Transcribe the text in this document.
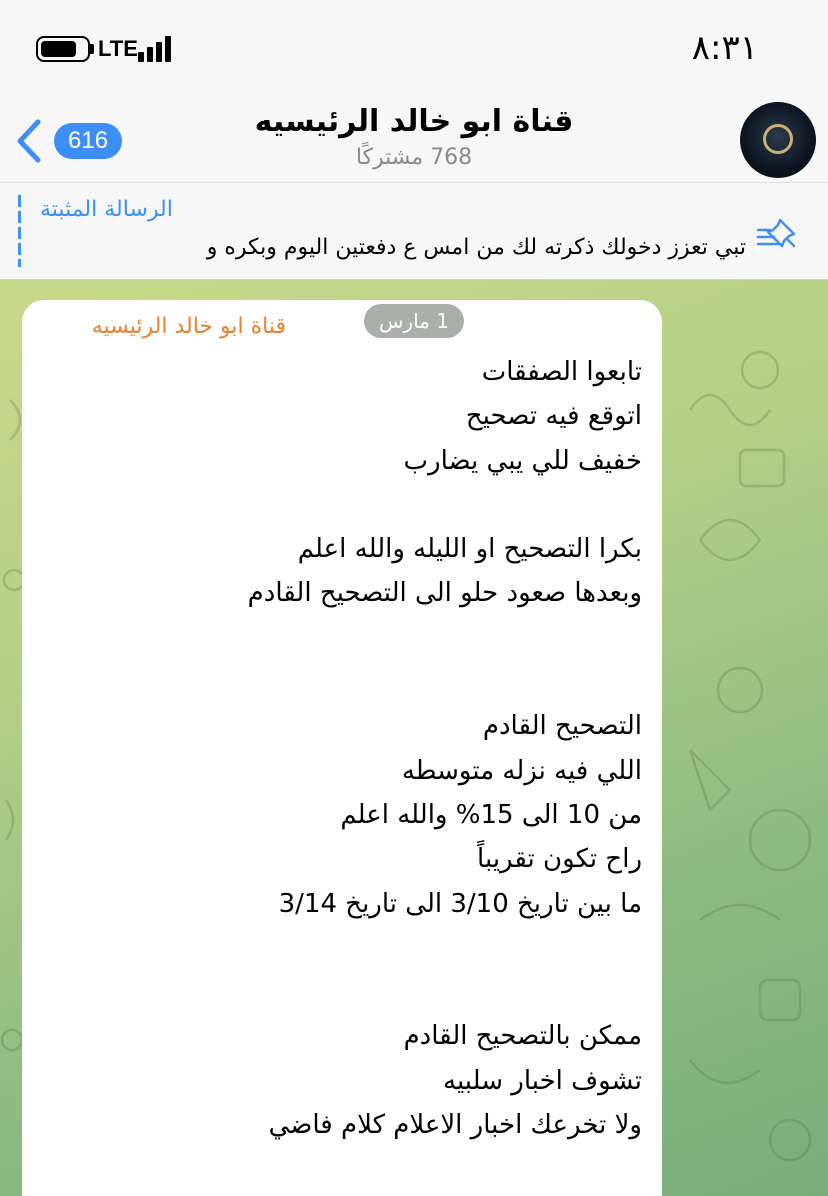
LTE	٨:٣١
616
قناة ابو خالد الرئيسيه
768 مشتركًا
الرسالة المثبتة
تبي تعزز دخولك ذكرته لك من امس ع دفعتين اليوم وبكره و
قناة ابو خالد الرئيسيه
تابعوا الصفقات
اتوقع فيه تصحيح
خفيف للي يبي يضارب
بكرا التصحيح او الليله والله اعلم
وبعدها صعود حلو الى التصحيح القادم
التصحيح القادم
اللي فيه نزله متوسطه
من 10 الى 15% والله اعلم
راح تكون تقريباً
ما بين تاريخ 3/10 الى تاريخ 3/14
ممكن بالتصحيح القادم
تشوف اخبار سلبيه
ولا تخرعك اخبار الاعلام كلام فاضي
1 مارس
